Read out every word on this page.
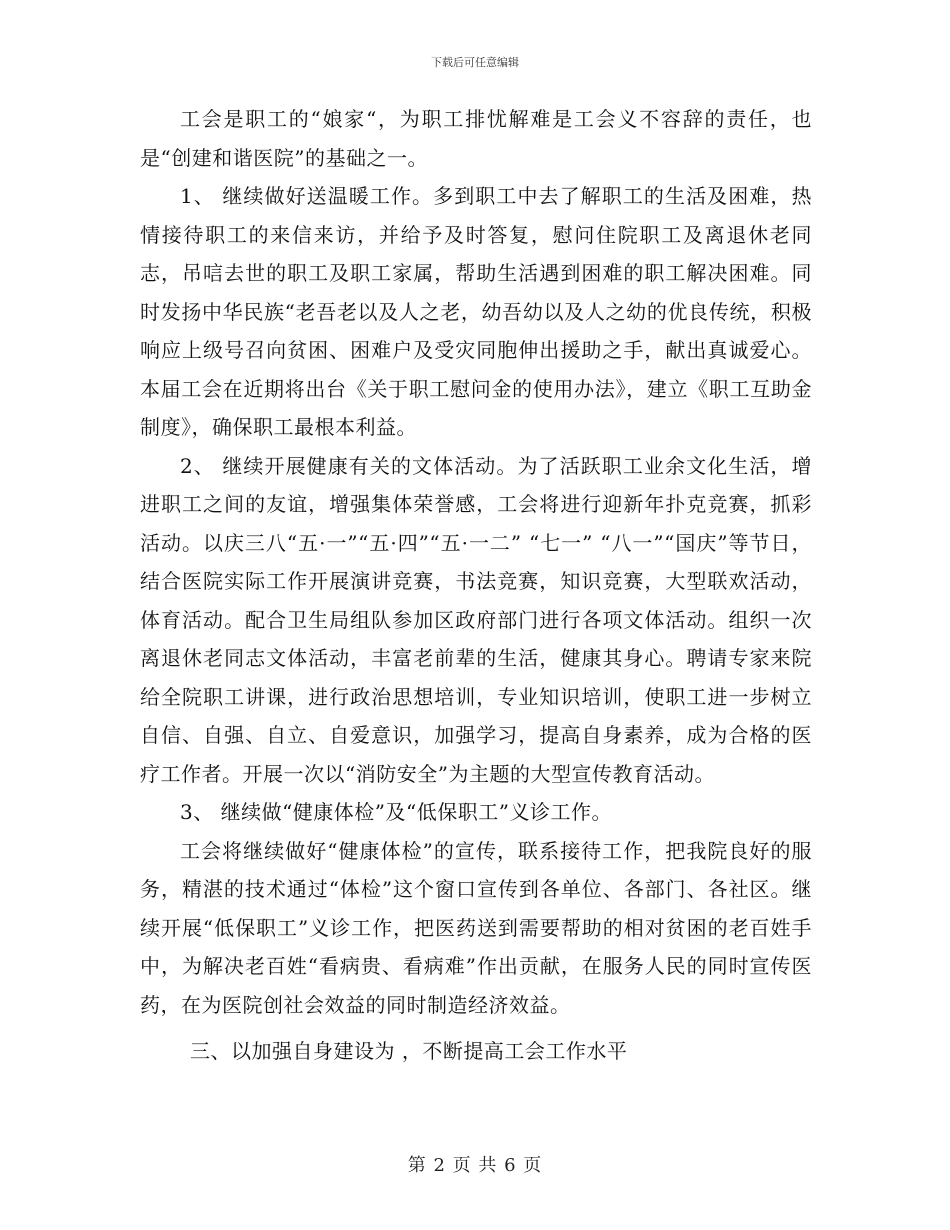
下载后可任意编辑

工会是职工的“娘家“，为职工排忧解难是工会义不容辞的责任，也是“创建和谐医院”的基础之一。

1、 继续做好送温暖工作。多到职工中去了解职工的生活及困难，热情接待职工的来信来访，并给予及时答复，慰问住院职工及离退休老同志，吊唁去世的职工及职工家属，帮助生活遇到困难的职工解决困难。同时发扬中华民族“老吾老以及人之老，幼吾幼以及人之幼的优良传统，积极响应上级号召向贫困、困难户及受灾同胞伸出援助之手，献出真诚爱心。本届工会在近期将出台《关于职工慰问金的使用办法》，建立《职工互助金制度》，确保职工最根本利益。

2、 继续开展健康有关的文体活动。为了活跃职工业余文化生活，增进职工之间的友谊，增强集体荣誉感，工会将进行迎新年扑克竞赛，抓彩活动。以庆三八“五·一”“五·四”“五·一二” “七一” “八一”“国庆”等节日，结合医院实际工作开展演讲竞赛，书法竞赛，知识竞赛，大型联欢活动，体育活动。配合卫生局组队参加区政府部门进行各项文体活动。组织一次离退休老同志文体活动，丰富老前辈的生活，健康其身心。聘请专家来院给全院职工讲课，进行政治思想培训，专业知识培训，使职工进一步树立自信、自强、自立、自爱意识，加强学习，提高自身素养，成为合格的医疗工作者。开展一次以“消防安全”为主题的大型宣传教育活动。

3、 继续做“健康体检”及“低保职工”义诊工作。

工会将继续做好“健康体检”的宣传，联系接待工作，把我院良好的服务，精湛的技术通过“体检”这个窗口宣传到各单位、各部门、各社区。继续开展“低保职工”义诊工作，把医药送到需要帮助的相对贫困的老百姓手中，为解决老百姓“看病贵、看病难”作出贡献，在服务人民的同时宣传医药，在为医院创社会效益的同时制造经济效益。

三、以加强自身建设为 ，不断提高工会工作水平

第 2 页 共 6 页
